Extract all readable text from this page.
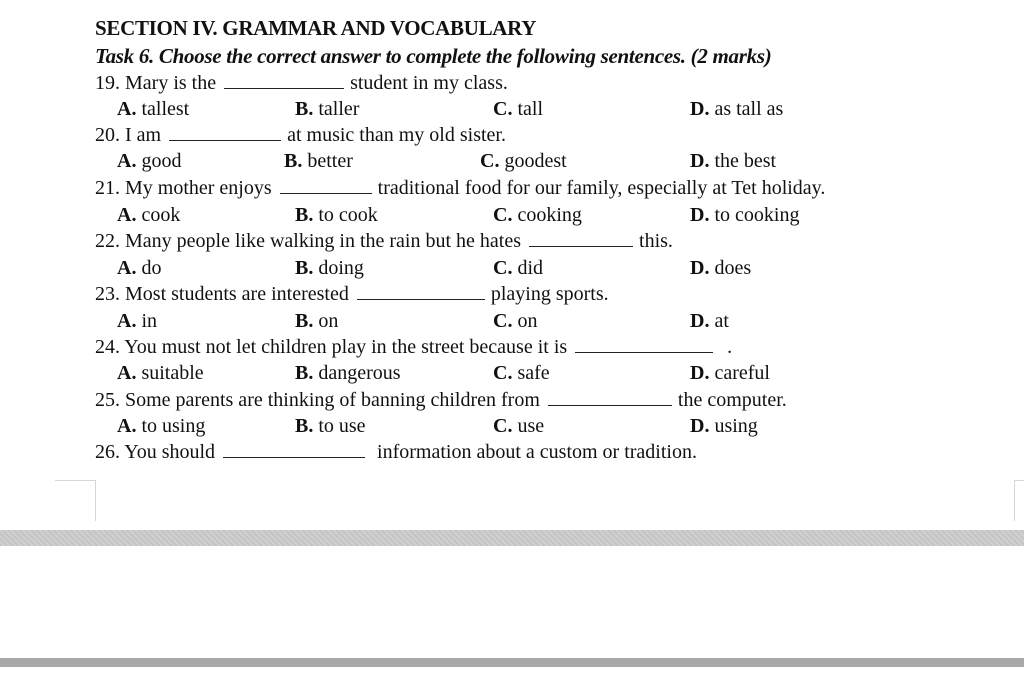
SECTION IV. GRAMMAR AND VOCABULARY
Task 6. Choose the correct answer to complete the following sentences. (2 marks)
19. Mary is the	student in my class.
A. tallest	B. taller	C. tall	D. as tall as
20. I am	at music than my old sister.
A. good	B. better	C. goodest	D. the best
21. My mother enjoys	traditional food for our family, especially at Tet holiday.
A. cook	B. to cook	C. cooking	D. to cooking
22. Many people like walking in the rain but he hates	this.
A. do	B. doing	C. did	D. does
23. Most students are interested	playing sports.
A. in	B. on	C. on	D. at
24. You must not let children play in the street because it is	.
A. suitable	B. dangerous	C. safe	D. careful
25. Some parents are thinking of banning children from	the computer.
A. to using	B. to use	C. use	D. using
26. You should	information about a custom or tradition.
